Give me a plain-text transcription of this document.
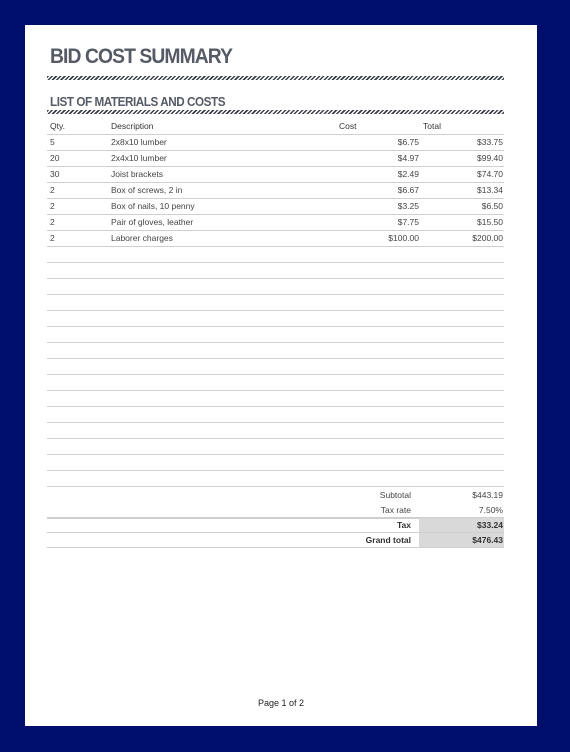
BID COST SUMMARY
LIST OF MATERIALS AND COSTS
Qty.	Description	Cost	Total
5	2x8x10 lumber	$6.75	$33.75
20	2x4x10 lumber	$4.97	$99.40
30	Joist brackets	$2.49	$74.70
2	Box of screws, 2 in	$6.67	$13.34
2	Box of nails, 10 penny	$3.25	$6.50
2	Pair of gloves, leather	$7.75	$15.50
2	Laborer charges	$100.00	$200.00
Subtotal	$443.19
Tax rate	7.50%
Tax	$33.24
Grand total	$476.43
Page 1 of 2
